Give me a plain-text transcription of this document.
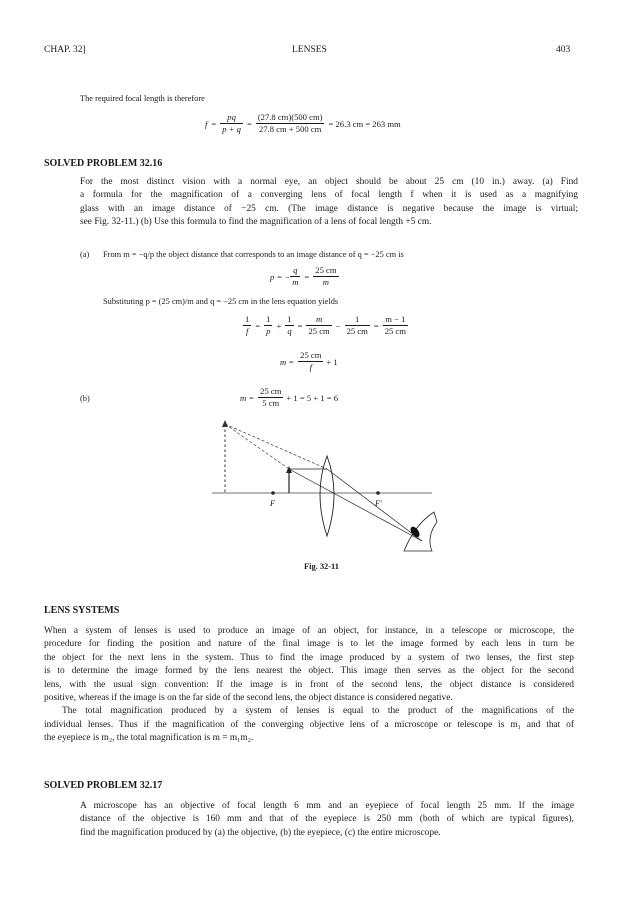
CHAP. 32]	LENSES	403
The required focal length is therefore
$f = \frac{pq}{p + q} = \frac{(27.8 cm)(500 cm)}{27.8 cm + 500 cm} = 26.3$ cm = 263 mm
SOLVED PROBLEM 32.16
For the most distinct vision with a normal eye, an object should be about 25 cm (10 in.) away. (a) Find
a formula for the magnification of a converging lens of focal length f when it is used as a magnifying
glass with an image distance of −25 cm. (The image distance is negative because the image is virtual;
see Fig. 32-11.) (b) Use this formula to find the magnification of a lens of focal length +5 cm.
(a) From m = −q/p the object distance that corresponds to an image distance of q = −25 cm is
p = − $\frac{q}{m} = \frac{25 cm}{m}$
Substituting p = (25 cm)/m and q = −25 cm in the lens equation yields
$\frac{1}{f} = \frac{1}{p} + \frac{1}{q} = \frac{m}{25 cm} - \frac{1}{25 cm} = \frac{m - 1}{25 cm}$
$m = \frac{25 cm}{f} + 1$
(b)	$m = \frac{25 cm}{5 cm} + 1 = 5 + 1 = 6$
F	F′
Fig. 32-11
LENS SYSTEMS
When a system of lenses is used to produce an image of an object, for instance, in a telescope or microscope, the
procedure for finding the position and nature of the final image is to let the image formed by each lens in turn be
the object for the next lens in the system. Thus to find the image produced by a system of two lenses, the first step
is to determine the image formed by the lens nearest the object. This image then serves as the object for the second
lens, with the usual sign convention: If the image is in front of the second lens, the object distance is considered
positive, whereas if the image is on the far side of the second lens, the object distance is considered negative.
The total magnification produced by a system of lenses is equal to the product of the magnifications of the
individual lenses. Thus if the magnification of the converging objective lens of a microscope or telescope is m₁ and that of
the eyepiece is m₂, the total magnification is m = m₁m₂.
SOLVED PROBLEM 32.17
A microscope has an objective of focal length 6 mm and an eyepiece of focal length 25 mm. If the image
distance of the objective is 160 mm and that of the eyepiece is 250 mm (both of which are typical figures),
find the magnification produced by (a) the objective, (b) the eyepiece, (c) the entire microscope.
